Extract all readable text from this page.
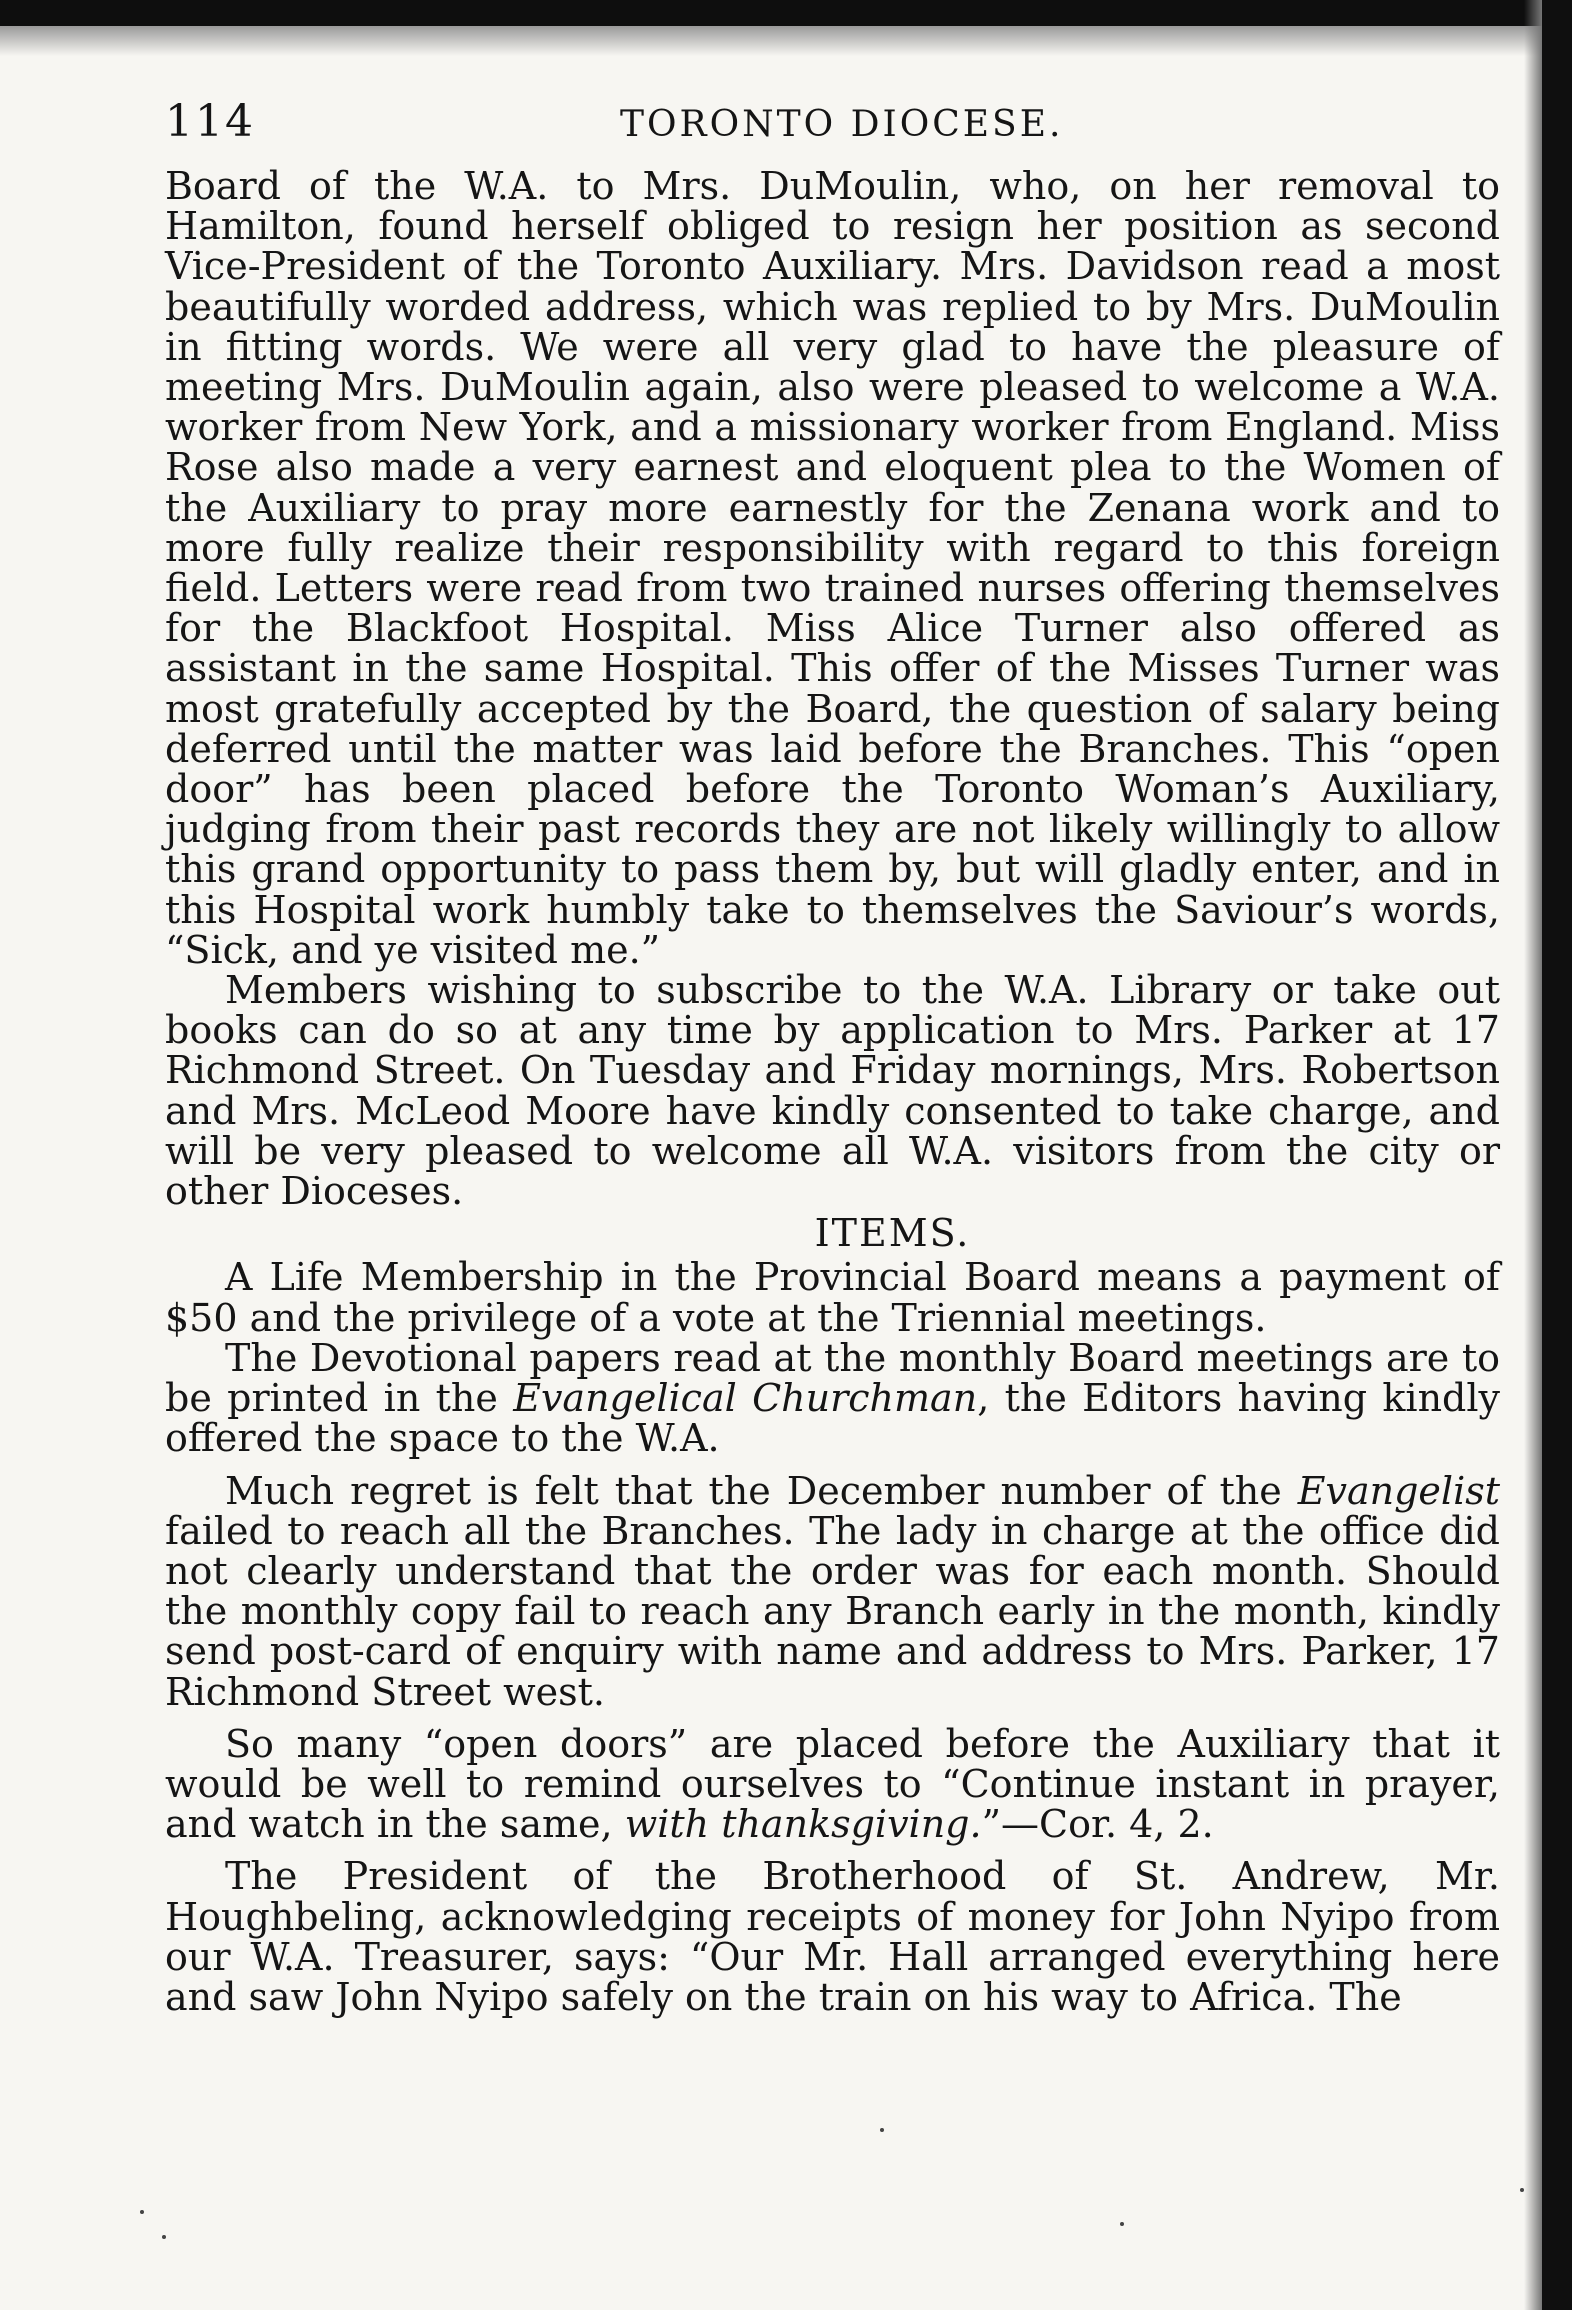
114	TORONTO DIOCESE.

Board of the W.A. to Mrs. DuMoulin, who, on her removal to Hamilton, found herself obliged to resign her position as second Vice-President of the Toronto Auxiliary. Mrs. Davidson read a most beautifully worded address, which was replied to by Mrs. DuMoulin in fitting words. We were all very glad to have the pleasure of meeting Mrs. DuMoulin again, also were pleased to welcome a W.A. worker from New York, and a missionary worker from England. Miss Rose also made a very earnest and eloquent plea to the Women of the Auxiliary to pray more earnestly for the Zenana work and to more fully realize their responsibility with regard to this foreign field. Letters were read from two trained nurses offering themselves for the Blackfoot Hospital. Miss Alice Turner also offered as assistant in the same Hospital. This offer of the Misses Turner was most gratefully accepted by the Board, the question of salary being deferred until the matter was laid before the Branches. This “open door” has been placed before the Toronto Woman’s Auxiliary, judging from their past records they are not likely willingly to allow this grand opportunity to pass them by, but will gladly enter, and in this Hospital work humbly take to themselves the Saviour’s words, “Sick, and ye visited me.”

Members wishing to subscribe to the W.A. Library or take out books can do so at any time by application to Mrs. Parker at 17 Richmond Street. On Tuesday and Friday mornings, Mrs. Robertson and Mrs. McLeod Moore have kindly consented to take charge, and will be very pleased to welcome all W.A. visitors from the city or other Dioceses.

ITEMS.

A Life Membership in the Provincial Board means a payment of $50 and the privilege of a vote at the Triennial meetings.

The Devotional papers read at the monthly Board meetings are to be printed in the Evangelical Churchman, the Editors having kindly offered the space to the W.A.

Much regret is felt that the December number of the Evangelist failed to reach all the Branches. The lady in charge at the office did not clearly understand that the order was for each month. Should the monthly copy fail to reach any Branch early in the month, kindly send post-card of enquiry with name and address to Mrs. Parker, 17 Richmond Street west.

So many “open doors” are placed before the Auxiliary that it would be well to remind ourselves to “Continue instant in prayer, and watch in the same, with thanksgiving.”—Cor. 4, 2.

The President of the Brotherhood of St. Andrew, Mr. Houghbeling, acknowledging receipts of money for John Nyipo from our W.A. Treasurer, says: “Our Mr. Hall arranged everything here and saw John Nyipo safely on the train on his way to Africa. The
